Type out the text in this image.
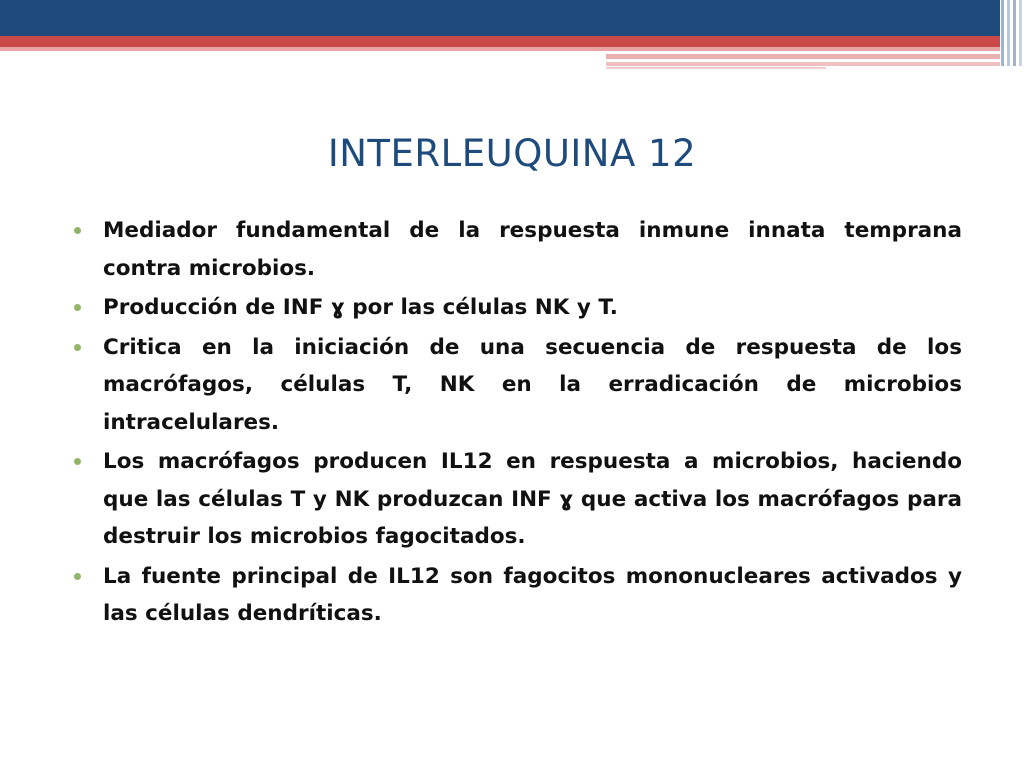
INTERLEUQUINA 12
Mediador fundamental de la respuesta inmune innata temprana contra microbios.
Producción de INF ɣ por las células NK y T.
Critica en la iniciación de una secuencia de respuesta de los macrófagos, células T, NK en la erradicación de microbios intracelulares.
Los macrófagos producen IL12 en respuesta a microbios, haciendo que las células T y NK produzcan INF ɣ que activa los macrófagos para destruir los microbios fagocitados.
La fuente principal de IL12 son fagocitos mononucleares activados y las células dendríticas.
